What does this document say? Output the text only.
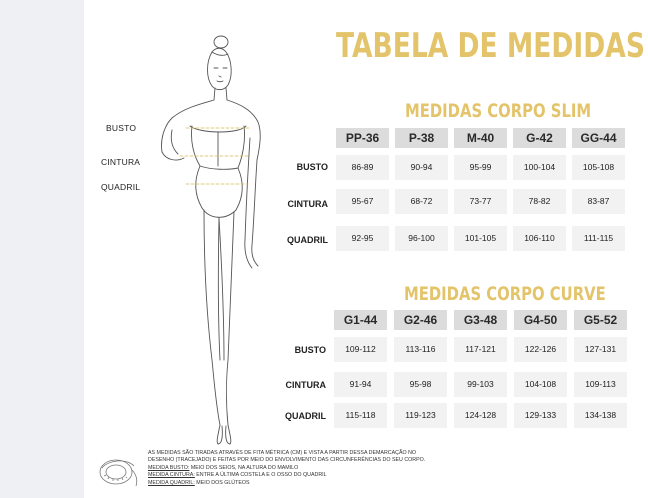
TABELA DE MEDIDAS
BUSTO
CINTURA
QUADRIL
MEDIDAS CORPO SLIM
PP-36	P-38	M-40	G-42	GG-44
BUSTO	86-89	90-94	95-99	100-104	105-108
CINTURA	95-67	68-72	73-77	78-82	83-87
QUADRIL	92-95	96-100	101-105	106-110	111-115
MEDIDAS CORPO CURVE
G1-44	G2-46	G3-48	G4-50	G5-52
BUSTO	109-112	113-116	117-121	122-126	127-131
CINTURA	91-94	95-98	99-103	104-108	109-113
QUADRIL	115-118	119-123	124-128	129-133	134-138
AS MEDIDAS SÃO TIRADAS ATRAVÉS DE FITA MÉTRICA (CM) E VISTA A PARTIR DESSA DEMARCAÇÃO NO
DESENHO (TRACEJADO) E FEITAS POR MEIO DO ENVOLVIMENTO DAS CIRCUNFERÊNCIAS DO SEU CORPO.
MEDIDA BUSTO: MEIO DOS SEIOS, NA ALTURA DO MAMILO
MEDIDA CINTURA: ENTRE A ÚLTIMA COSTELA E O OSSO DO QUADRIL
MEDIDA QUADRIL: MEIO DOS GLÚTEOS
